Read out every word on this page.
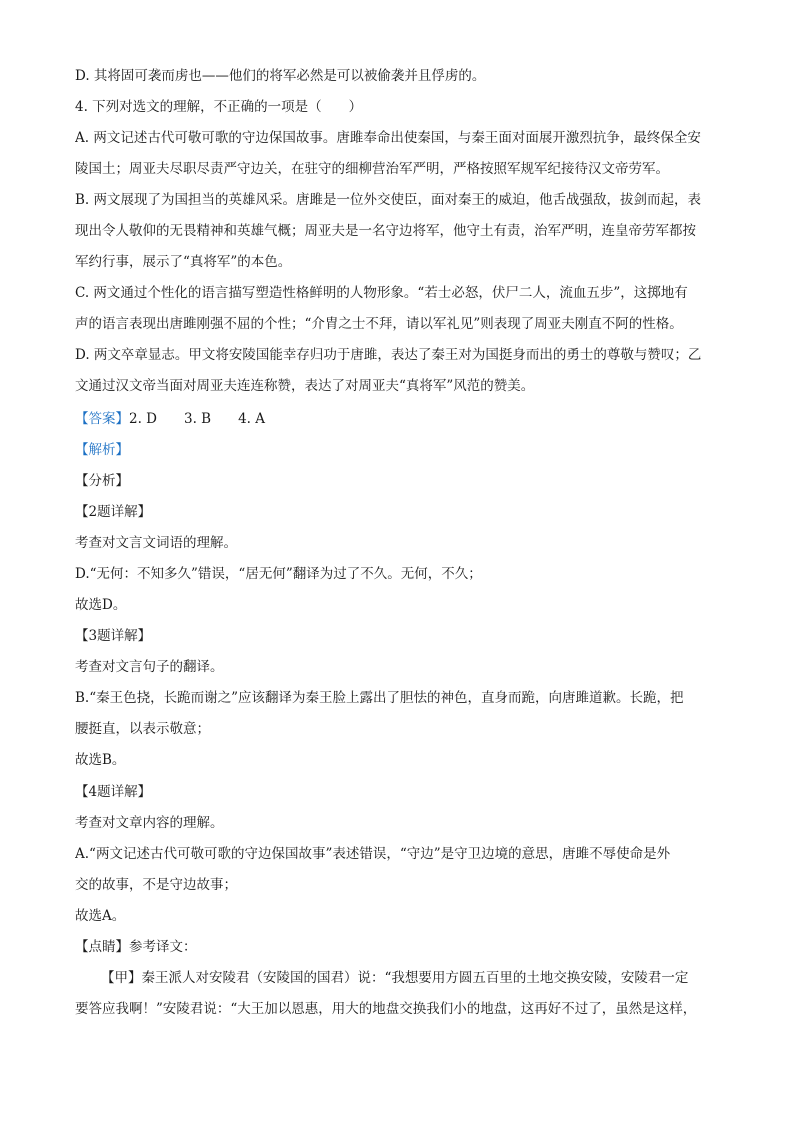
D. 其将固可袭而虏也——他们的将军必然是可以被偷袭并且俘虏的。
4. 下列对选文的理解，不正确的一项是（　　）
A. 两文记述古代可敬可歌的守边保国故事。唐雎奉命出使秦国，与秦王面对面展开激烈抗争，最终保全安
陵国土；周亚夫尽职尽责严守边关，在驻守的细柳营治军严明，严格按照军规军纪接待汉文帝劳军。
B. 两文展现了为国担当的英雄风采。唐雎是一位外交使臣，面对秦王的威迫，他舌战强敌，拔剑而起，表
现出令人敬仰的无畏精神和英雄气概；周亚夫是一名守边将军，他守土有责，治军严明，连皇帝劳军都按
军约行事，展示了“真将军”的本色。
C. 两文通过个性化的语言描写塑造性格鲜明的人物形象。“若士必怒，伏尸二人，流血五步”，这掷地有
声的语言表现出唐雎刚强不屈的个性；“介胄之士不拜，请以军礼见”则表现了周亚夫刚直不阿的性格。
D. 两文卒章显志。甲文将安陵国能幸存归功于唐雎，表达了秦王对为国挺身而出的勇士的尊敬与赞叹；乙
文通过汉文帝当面对周亚夫连连称赞，表达了对周亚夫“真将军”风范的赞美。
【答案】2. D　　3. B　　4. A
【解析】
【分析】
【2题详解】
考查对文言文词语的理解。
D.“无何：不知多久”错误，“居无何”翻译为过了不久。无何，不久；
故选D。
【3题详解】
考查对文言句子的翻译。
B.“秦王色挠，长跪而谢之”应该翻译为秦王脸上露出了胆怯的神色，直身而跪，向唐雎道歉。长跪，把
腰挺直，以表示敬意；
故选B。
【4题详解】
考查对文章内容的理解。
A.“两文记述古代可敬可歌的守边保国故事”表述错误，“守边”是守卫边境的意思，唐雎不辱使命是外
交的故事，不是守边故事；
故选A。
【点睛】参考译文：
【甲】秦王派人对安陵君（安陵国的国君）说：“我想要用方圆五百里的土地交换安陵，安陵君一定
要答应我啊！”安陵君说：“大王加以恩惠，用大的地盘交换我们小的地盘，这再好不过了，虽然是这样，
